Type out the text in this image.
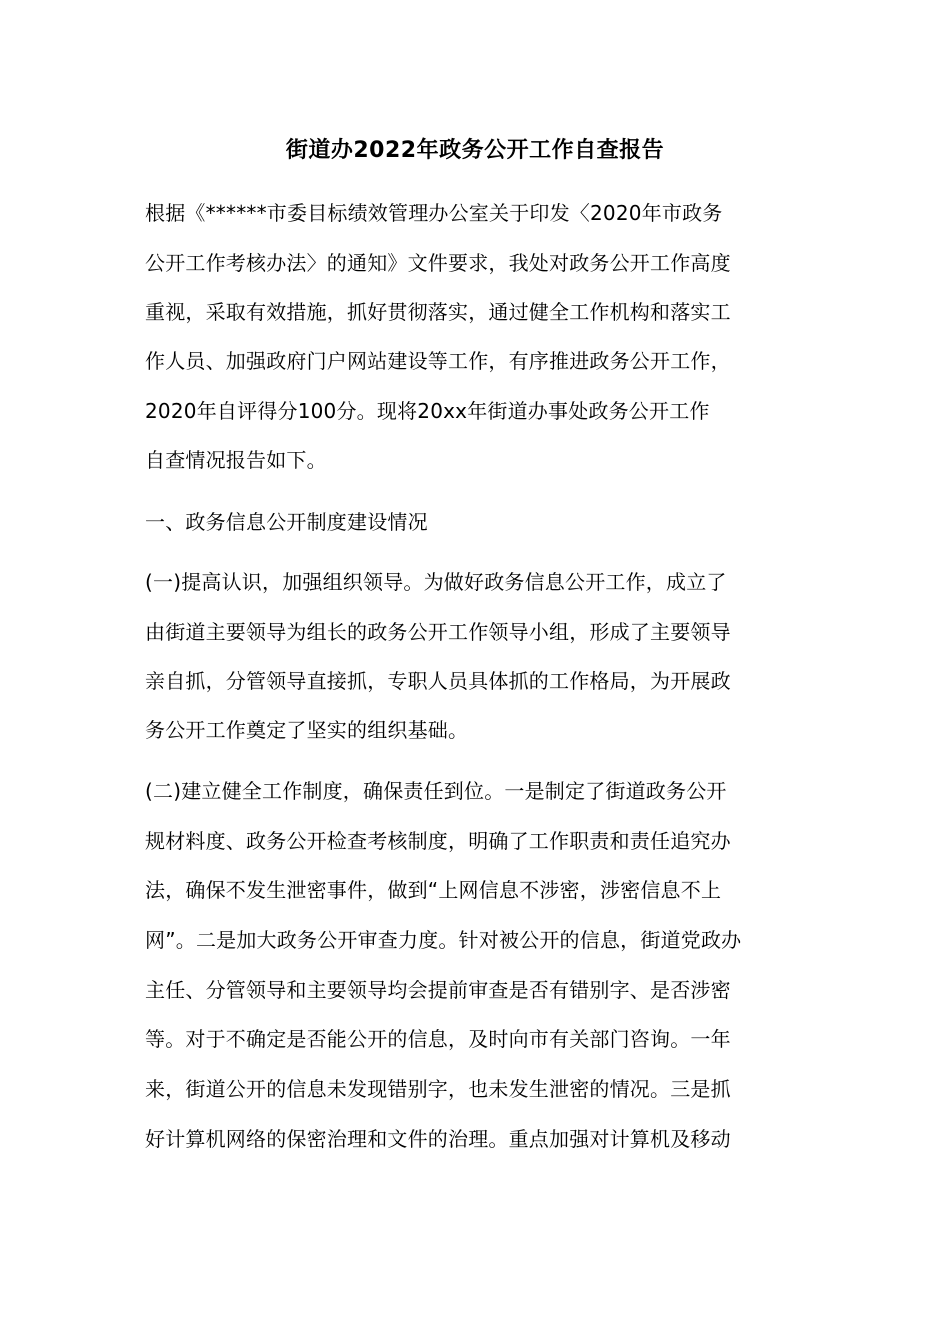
街道办2022年政务公开工作自查报告
根据《******市委目标绩效管理办公室关于印发〈2020年市政务
公开工作考核办法〉的通知》文件要求，我处对政务公开工作高度
重视，采取有效措施，抓好贯彻落实，通过健全工作机构和落实工
作人员、加强政府门户网站建设等工作，有序推进政务公开工作，
2020年自评得分100分。现将20xx年街道办事处政务公开工作
自查情况报告如下。
一、政务信息公开制度建设情况
(一)提高认识，加强组织领导。为做好政务信息公开工作，成立了
由街道主要领导为组长的政务公开工作领导小组，形成了主要领导
亲自抓，分管领导直接抓，专职人员具体抓的工作格局，为开展政
务公开工作奠定了坚实的组织基础。
(二)建立健全工作制度，确保责任到位。一是制定了街道政务公开
规材料度、政务公开检查考核制度，明确了工作职责和责任追究办
法，确保不发生泄密事件，做到“上网信息不涉密，涉密信息不上
网”。二是加大政务公开审查力度。针对被公开的信息，街道党政办
主任、分管领导和主要领导均会提前审查是否有错别字、是否涉密
等。对于不确定是否能公开的信息，及时向市有关部门咨询。一年
来，街道公开的信息未发现错别字，也未发生泄密的情况。三是抓
好计算机网络的保密治理和文件的治理。重点加强对计算机及移动
